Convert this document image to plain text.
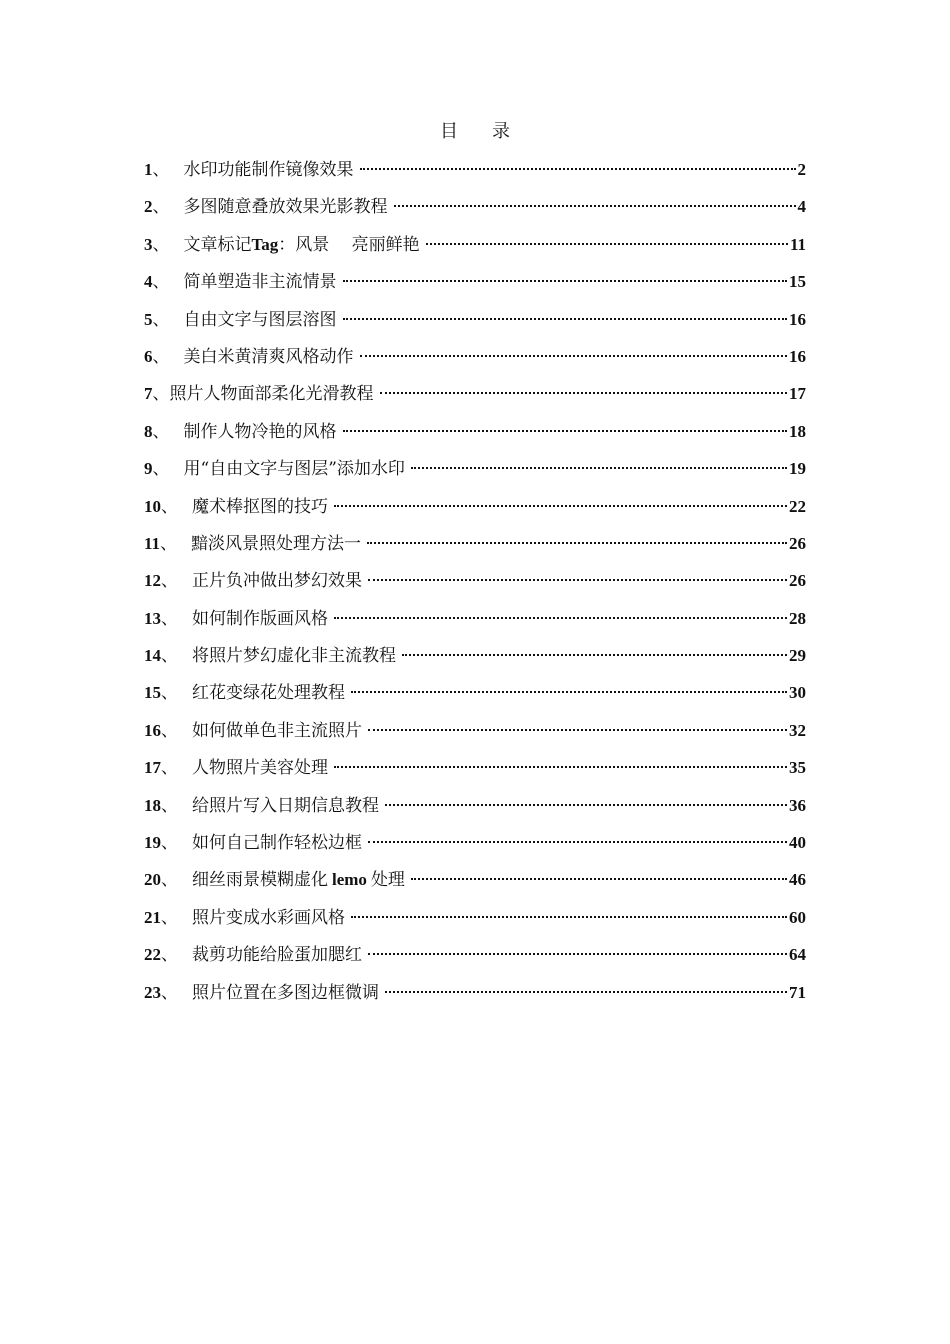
目 录
1 、 水印功能制作镜像效果	2
2 、 多图随意叠放效果光影教程	4
3 、 文章标记Tag：风景　 亮丽鲜艳	11
4 、 简单塑造非主流情景	15
5 、 自由文字与图层溶图	16
6 、 美白米黄清爽风格动作	16
7 、 照片人物面部柔化光滑教程	17
8 、 制作人物冷艳的风格	18
9 、 用“自由文字与图层”添加水印	19
10 、 魔术棒抠图的技巧	22
11 、 黯淡风景照处理方法一	26
12 、 正片负冲做出梦幻效果	26
13 、 如何制作版画风格	28
14 、 将照片梦幻虚化非主流教程	29
15 、 红花变绿花处理教程	30
16 、 如何做单色非主流照片	32
17 、 人物照片美容处理	35
18 、 给照片写入日期信息教程	36
19 、 如何自己制作轻松边框	40
20 、 细丝雨景模糊虚化 lemo 处理	46
21 、 照片变成水彩画风格	60
22 、 裁剪功能给脸蛋加腮红	64
23 、 照片位置在多图边框微调	71
